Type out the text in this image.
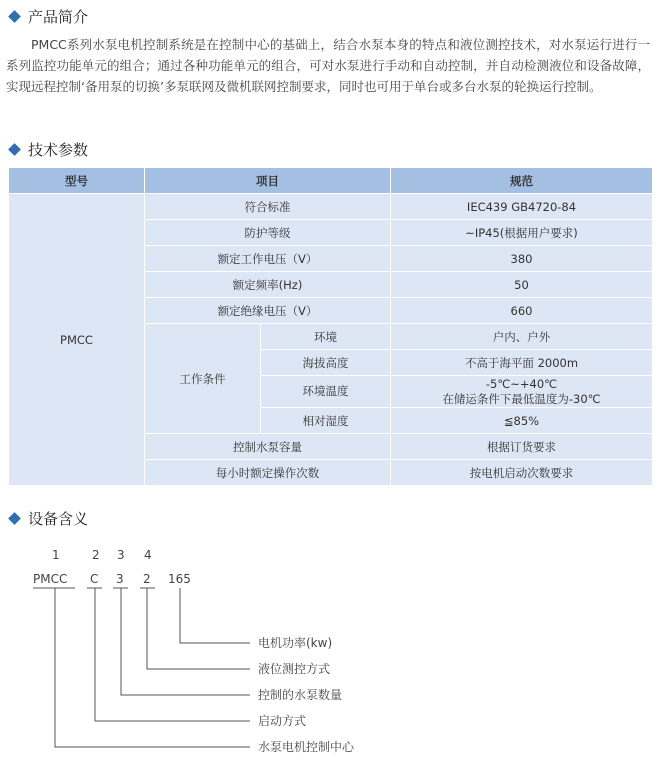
产品简介
PMCC系列水泵电机控制系统是在控制中心的基础上，结合水泵本身的特点和液位测控技术，对水泵运行进行一系列监控功能单元的组合；通过各种功能单元的组合，可对水泵进行手动和自动控制，并自动检测液位和设备故障，实现远程控制‘备用泵的切换’多泵联网及微机联网控制要求，同时也可用于单台或多台水泵的轮换运行控制。
技术参数
型号	项目		规范
PMCC	符合标准		IEC439 GB4720-84
	防护等级		~IP45(根据用户要求)
	额定工作电压（V）		380
	额定频率(Hz)		50
	额定绝缘电压（V）		660
	工作条件	环境	户内、户外
		海拔高度	不高于海平面 2000m
		环境温度	-5℃~+40℃
在储运条件下最低温度为-30℃

		相对湿度	≦85%
	控制水泵容量		根据订货要求
	每小时额定操作次数		按电机启动次数要求
设备含义
1	2 3 4
PMCC C 3 2 165
电机功率(kw)
液位测控方式
控制的水泵数量
启动方式
水泵电机控制中心
